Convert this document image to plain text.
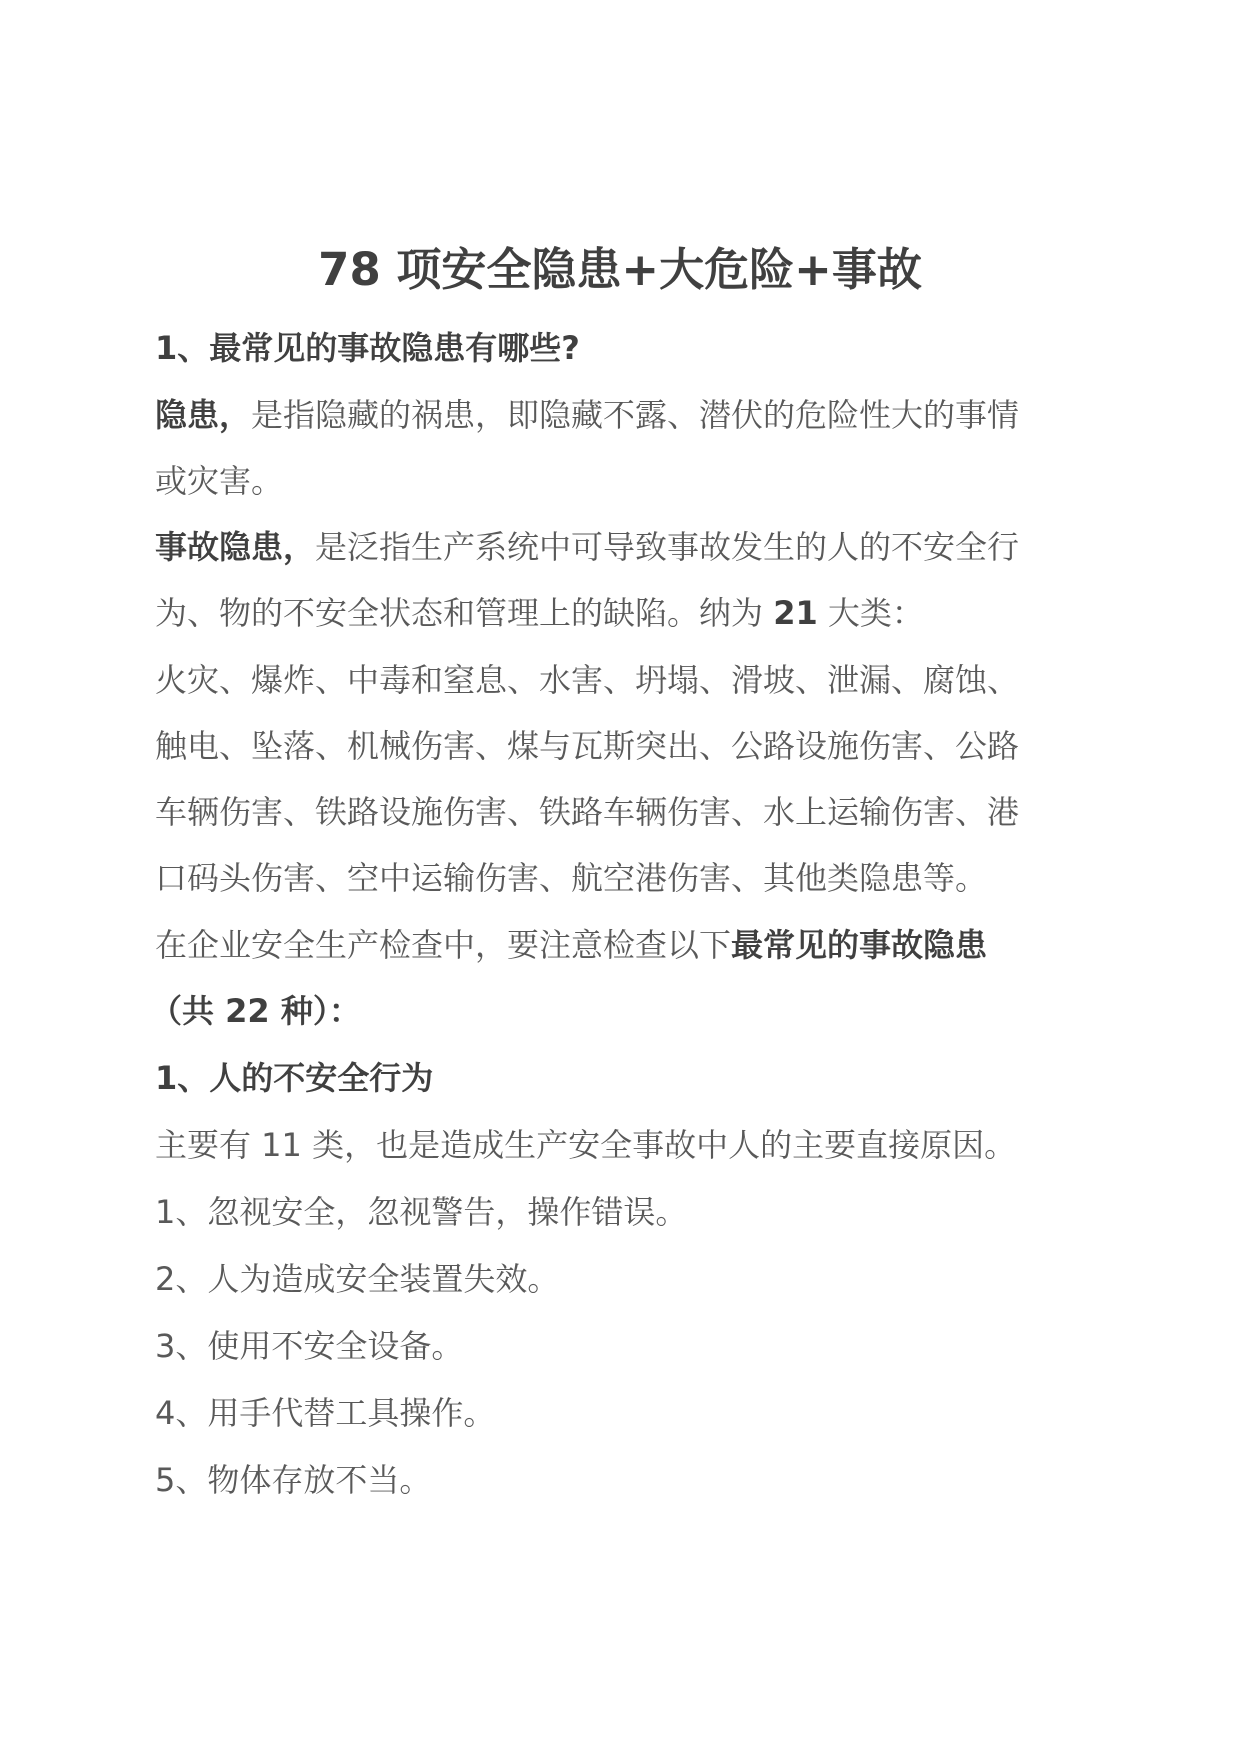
78 项安全隐患+大危险+事故
1、最常见的事故隐患有哪些?
隐患，是指隐藏的祸患，即隐藏不露、潜伏的危险性大的事情
或灾害。
事故隐患，是泛指生产系统中可导致事故发生的人的不安全行
为、物的不安全状态和管理上的缺陷。纳为 21 大类：
火灾、爆炸、中毒和窒息、水害、坍塌、滑坡、泄漏、腐蚀、
触电、坠落、机械伤害、煤与瓦斯突出、公路设施伤害、公路
车辆伤害、铁路设施伤害、铁路车辆伤害、水上运输伤害、港
口码头伤害、空中运输伤害、航空港伤害、其他类隐患等。
在企业安全生产检查中，要注意检查以下最常见的事故隐患
（共 22 种）：
1、人的不安全行为
主要有 11 类，也是造成生产安全事故中人的主要直接原因。
1、忽视安全，忽视警告，操作错误。
2、人为造成安全装置失效。
3、使用不安全设备。
4、用手代替工具操作。
5、物体存放不当。
